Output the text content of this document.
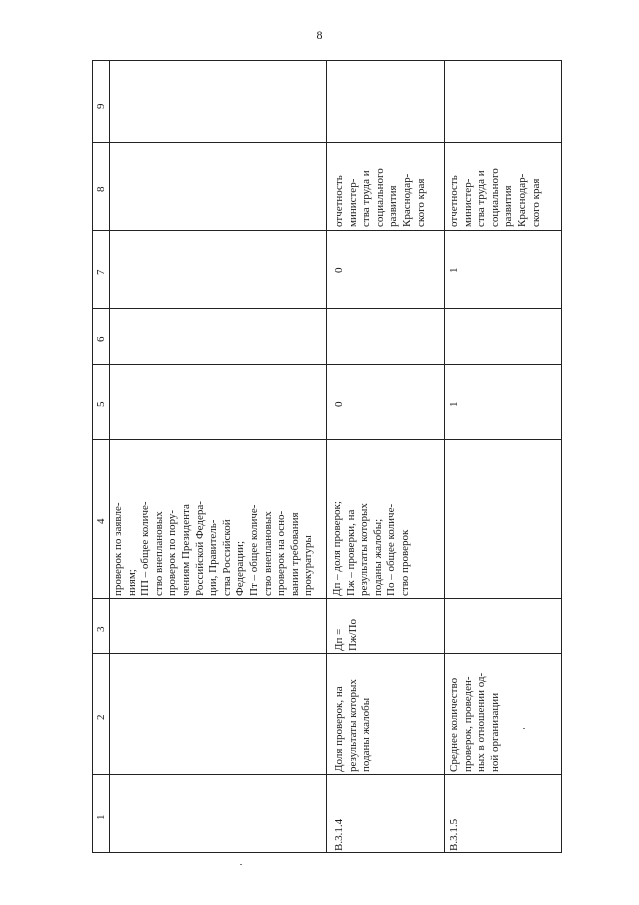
8
9
8
7
6
5
4
3
2
1
проверок по заявле-
ниям;
ПП – общее количе-
ство внеплановых
проверок по пору-
чениям Президента
Российской Федера-
ции, Правитель-
ства Российской
Федерации;
Пт – общее количе-
ство внеплановых
проверок на осно-
вании требования
прокуратуры
В.3.1.4
Доля проверок, на
результаты которых
поданы жалобы
Дп =
Пж/По
Дп – доля проверок;
Пж – проверки, на
результаты которых
поданы жалобы;
По – общее количе-
ство проверок
0
0
отчетность
министер-
ства труда и
социального
развития
Краснодар-
ского края
В.3.1.5
Среднее количество
проверок, проведен-
ных в отношении од-
ной организации
1
1
отчетность
министер-
ства труда и
социального
развития
Краснодар-
ского края
